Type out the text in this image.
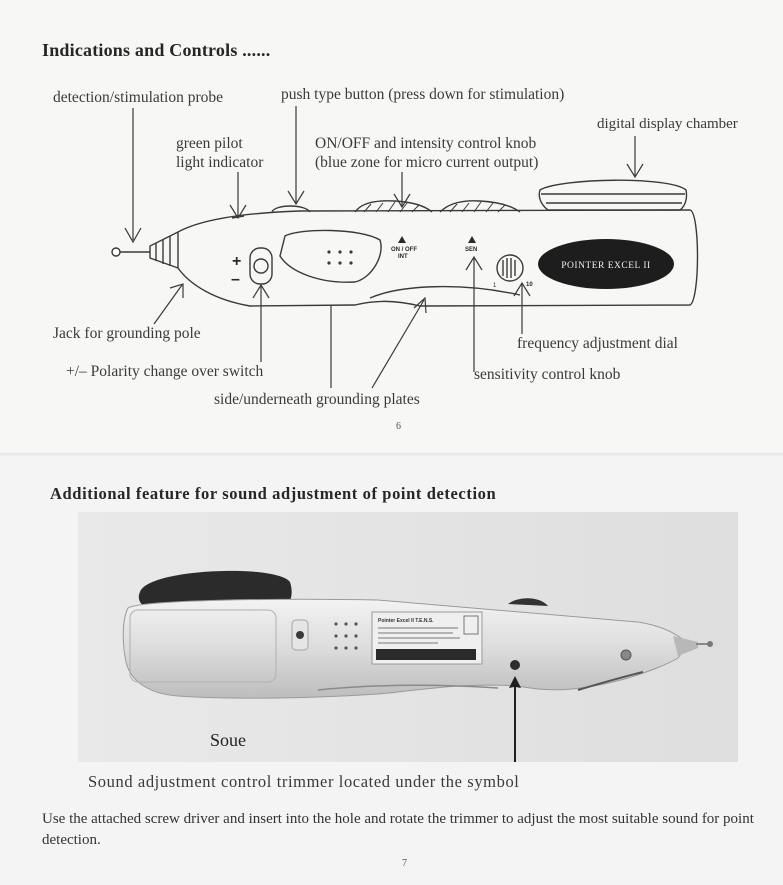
Indications and Controls ......
detection/stimulation probe	push type button (press down for stimulation)
digital display chamber
green pilot
light indicator
ON/OFF and intensity control knob
(blue zone for micro current output)
Jack for grounding pole
frequency adjustment dial
+/– Polarity change over switch	sensitivity control knob
side/underneath grounding plates
6
POINTER EXCEL II
+
–
ON / OFF
INT
SEN
1	10
Additional feature for sound adjustment of point detection
Pointer Excel II T.E.N.S.
Soue
Sound adjustment control trimmer located under the symbol
Use the attached screw driver and insert into the hole and rotate the trimmer to adjust the most suitable sound for point detection.
7
